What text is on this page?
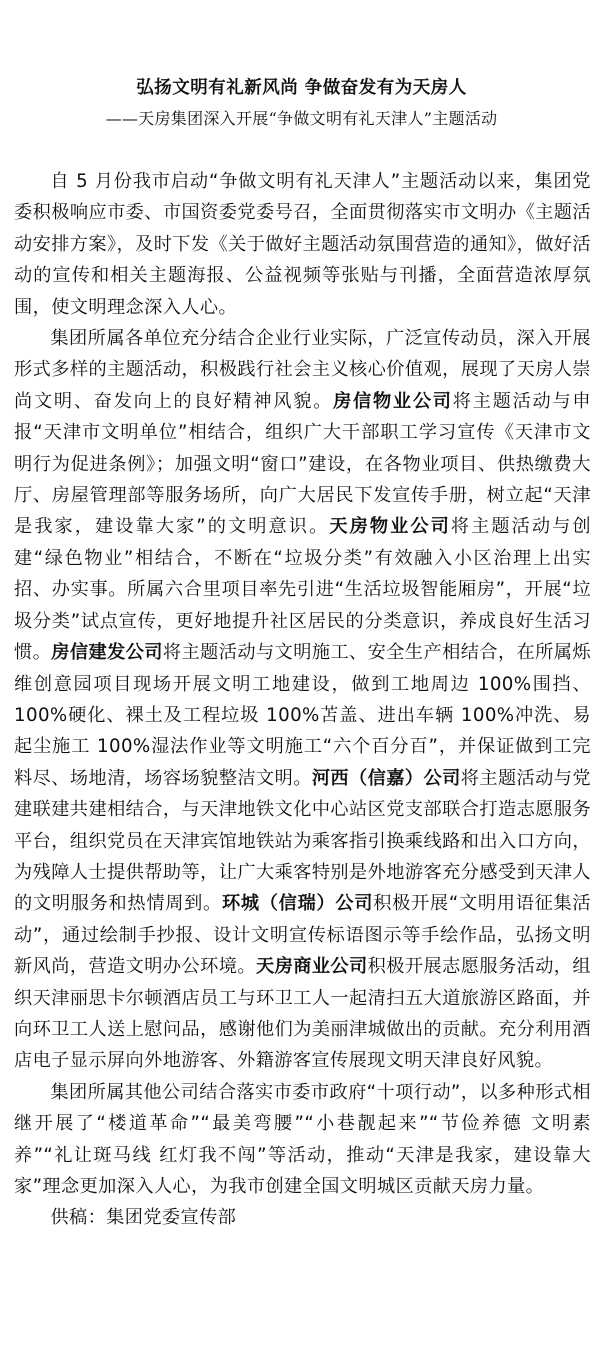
弘扬文明有礼新风尚 争做奋发有为天房人
——天房集团深入开展“争做文明有礼天津人”主题活动

自 5 月份我市启动“争做文明有礼天津人”主题活动以来，集团党委积极响应市委、市国资委党委号召，全面贯彻落实市文明办《主题活动安排方案》，及时下发《关于做好主题活动氛围营造的通知》，做好活动的宣传和相关主题海报、公益视频等张贴与刊播，全面营造浓厚氛围，使文明理念深入人心。

集团所属各单位充分结合企业行业实际，广泛宣传动员，深入开展形式多样的主题活动，积极践行社会主义核心价值观，展现了天房人崇尚文明、奋发向上的良好精神风貌。房信物业公司将主题活动与申报“天津市文明单位”相结合，组织广大干部职工学习宣传《天津市文明行为促进条例》；加强文明“窗口”建设，在各物业项目、供热缴费大厅、房屋管理部等服务场所，向广大居民下发宣传手册，树立起“天津是我家，建设靠大家”的文明意识。天房物业公司将主题活动与创建“绿色物业”相结合，不断在“垃圾分类”有效融入小区治理上出实招、办实事。所属六合里项目率先引进“生活垃圾智能厢房”，开展“垃圾分类”试点宣传，更好地提升社区居民的分类意识，养成良好生活习惯。房信建发公司将主题活动与文明施工、安全生产相结合，在所属烁维创意园项目现场开展文明工地建设，做到工地周边 100%围挡、100%硬化、裸土及工程垃圾 100%苫盖、进出车辆 100%冲洗、易起尘施工 100%湿法作业等文明施工“六个百分百”，并保证做到工完料尽、场地清，场容场貌整洁文明。河西（信嘉）公司将主题活动与党建联建共建相结合，与天津地铁文化中心站区党支部联合打造志愿服务平台，组织党员在天津宾馆地铁站为乘客指引换乘线路和出入口方向，为残障人士提供帮助等，让广大乘客特别是外地游客充分感受到天津人的文明服务和热情周到。环城（信瑞）公司积极开展“文明用语征集活动”，通过绘制手抄报、设计文明宣传标语图示等手绘作品，弘扬文明新风尚，营造文明办公环境。天房商业公司积极开展志愿服务活动，组织天津丽思卡尔顿酒店员工与环卫工人一起清扫五大道旅游区路面，并向环卫工人送上慰问品，感谢他们为美丽津城做出的贡献。充分利用酒店电子显示屏向外地游客、外籍游客宣传展现文明天津良好风貌。

集团所属其他公司结合落实市委市政府“十项行动”，以多种形式相继开展了“楼道革命”“最美弯腰”“小巷靓起来”“节俭养德 文明素养”“礼让斑马线 红灯我不闯”等活动，推动“天津是我家，建设靠大家”理念更加深入人心，为我市创建全国文明城区贡献天房力量。

供稿：集团党委宣传部
